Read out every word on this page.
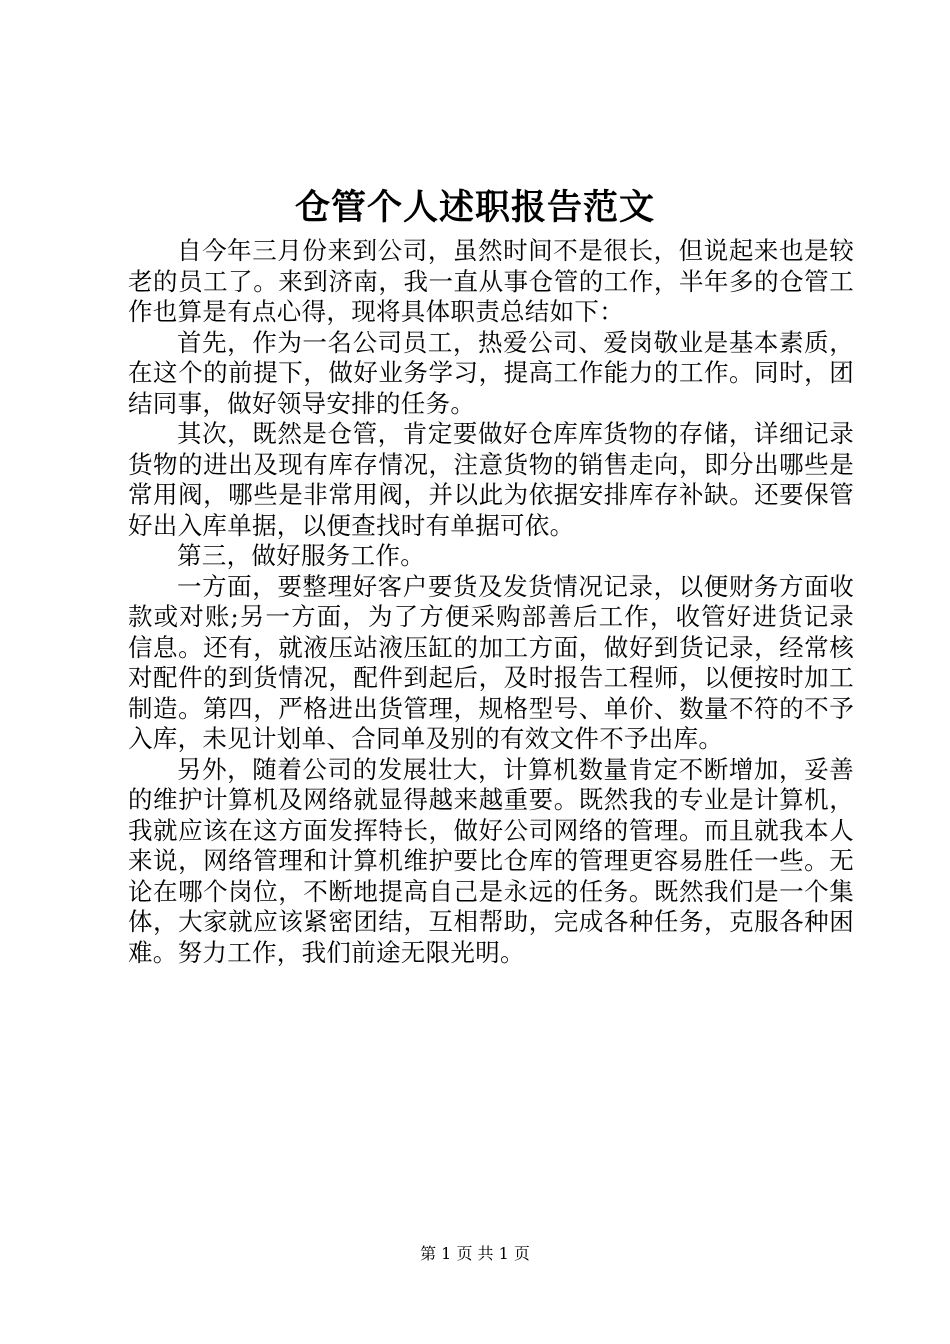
仓管个人述职报告范文

自今年三月份来到公司，虽然时间不是很长，但说起来也是较老的员工了。来到济南，我一直从事仓管的工作，半年多的仓管工作也算是有点心得，现将具体职责总结如下：

首先，作为一名公司员工，热爱公司、爱岗敬业是基本素质，在这个的前提下，做好业务学习，提高工作能力的工作。同时，团结同事，做好领导安排的任务。

其次，既然是仓管，肯定要做好仓库库货物的存储，详细记录货物的进出及现有库存情况，注意货物的销售走向，即分出哪些是常用阀，哪些是非常用阀，并以此为依据安排库存补缺。还要保管好出入库单据，以便查找时有单据可依。

第三，做好服务工作。

一方面，要整理好客户要货及发货情况记录，以便财务方面收款或对账;另一方面，为了方便采购部善后工作，收管好进货记录信息。还有，就液压站液压缸的加工方面，做好到货记录，经常核对配件的到货情况，配件到起后，及时报告工程师，以便按时加工制造。第四，严格进出货管理，规格型号、单价、数量不符的不予入库，未见计划单、合同单及别的有效文件不予出库。

另外，随着公司的发展壮大，计算机数量肯定不断增加，妥善的维护计算机及网络就显得越来越重要。既然我的专业是计算机，我就应该在这方面发挥特长，做好公司网络的管理。而且就我本人来说，网络管理和计算机维护要比仓库的管理更容易胜任一些。无论在哪个岗位，不断地提高自己是永远的任务。既然我们是一个集体，大家就应该紧密团结，互相帮助，完成各种任务，克服各种困难。努力工作，我们前途无限光明。

第 1 页 共 1 页
